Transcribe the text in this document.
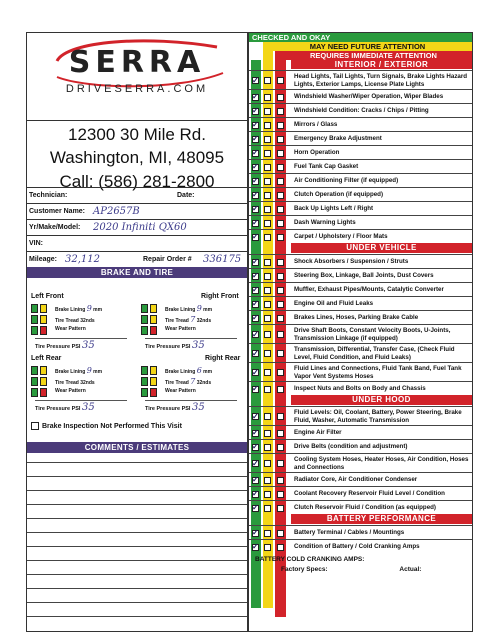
SERRA
DRIVESERRA.COM
12300 30 Mile Rd.
Washington, MI, 48095
Call: (586) 281-2800
Technician:	Date:
Customer Name: AP2657B
Yr/Make/Model: 2020 Infiniti QX60
VIN:
Mileage: 32,112	Repair Order # 336175
BRAKE AND TIRE
Left Front	Right Front
Brake Lining 9 mm
Tire Tread 32nds
Wear Pattern
Tire Pressure PSI 35
Brake Lining 9 mm
Tire Tread 7 32nds
Wear Pattern
Tire Pressure PSI 35
Left Rear	Right Rear
Brake Lining 9 mm
Tire Tread 32nds
Wear Pattern
Tire Pressure PSI 35
Brake Lining 6 mm
Tire Tread 7 32nds
Wear Pattern
Tire Pressure PSI 35
Brake Inspection Not Performed This Visit
COMMENTS / ESTIMATES
CHECKED AND OKAY
MAY NEED FUTURE ATTENTION
REQUIRES IMMEDIATE ATTENTION
INTERIOR / EXTERIOR
✓	Head Lights, Tail Lights, Turn Signals, Brake Lights Hazard Lights, Exterior Lamps, License Plate Lights
✓	Windshield Washer/Wiper Operation, Wiper Blades
✓	Windshield Condition: Cracks / Chips / Pitting
✓	Mirrors / Glass
✓	Emergency Brake Adjustment
✓	Horn Operation
✓	Fuel Tank Cap Gasket
✓	Air Conditioning Filter (if equipped)
✓	Clutch Operation (if equipped)
✓	Back Up Lights Left / Right
✓	Dash Warning Lights
✓	Carpet / Upholstery / Floor Mats
UNDER VEHICLE
✓	Shock Absorbers / Suspension / Struts
✓	Steering Box, Linkage, Ball Joints, Dust Covers
✓	Muffler, Exhaust Pipes/Mounts, Catalytic Converter
✓	Engine Oil and Fluid Leaks
✓	Brakes Lines, Hoses, Parking Brake Cable
✓	Drive Shaft Boots, Constant Velocity Boots, U-Joints, Transmission Linkage (if equipped)
✓	Transmission, Differential, Transfer Case, (Check Fluid Level, Fluid Condition, and Fluid Leaks)
✓	Fluid Lines and Connections, Fluid Tank Band, Fuel Tank Vapor Vent Systems Hoses
✓	Inspect Nuts and Bolts on Body and Chassis
UNDER HOOD
✓	Fluid Levels: Oil, Coolant, Battery, Power Steering, Brake Fluid, Washer, Automatic Transmission
✓	Engine Air Filter
✓	Drive Belts (condition and adjustment)
✓	Cooling System Hoses, Heater Hoses, Air Condition, Hoses and Connections
✓	Radiator Core, Air Conditioner Condenser
✓	Coolant Recovery Reservoir Fluid Level / Condition
✓	Clutch Reservoir Fluid / Condition (as equipped)
BATTERY PERFORMANCE
✓	Battery Terminal / Cables / Mountings
✓	Condition of Battery / Cold Cranking Amps
BATTERY COLD CRANKING AMPS:
Factory Specs:	Actual:
